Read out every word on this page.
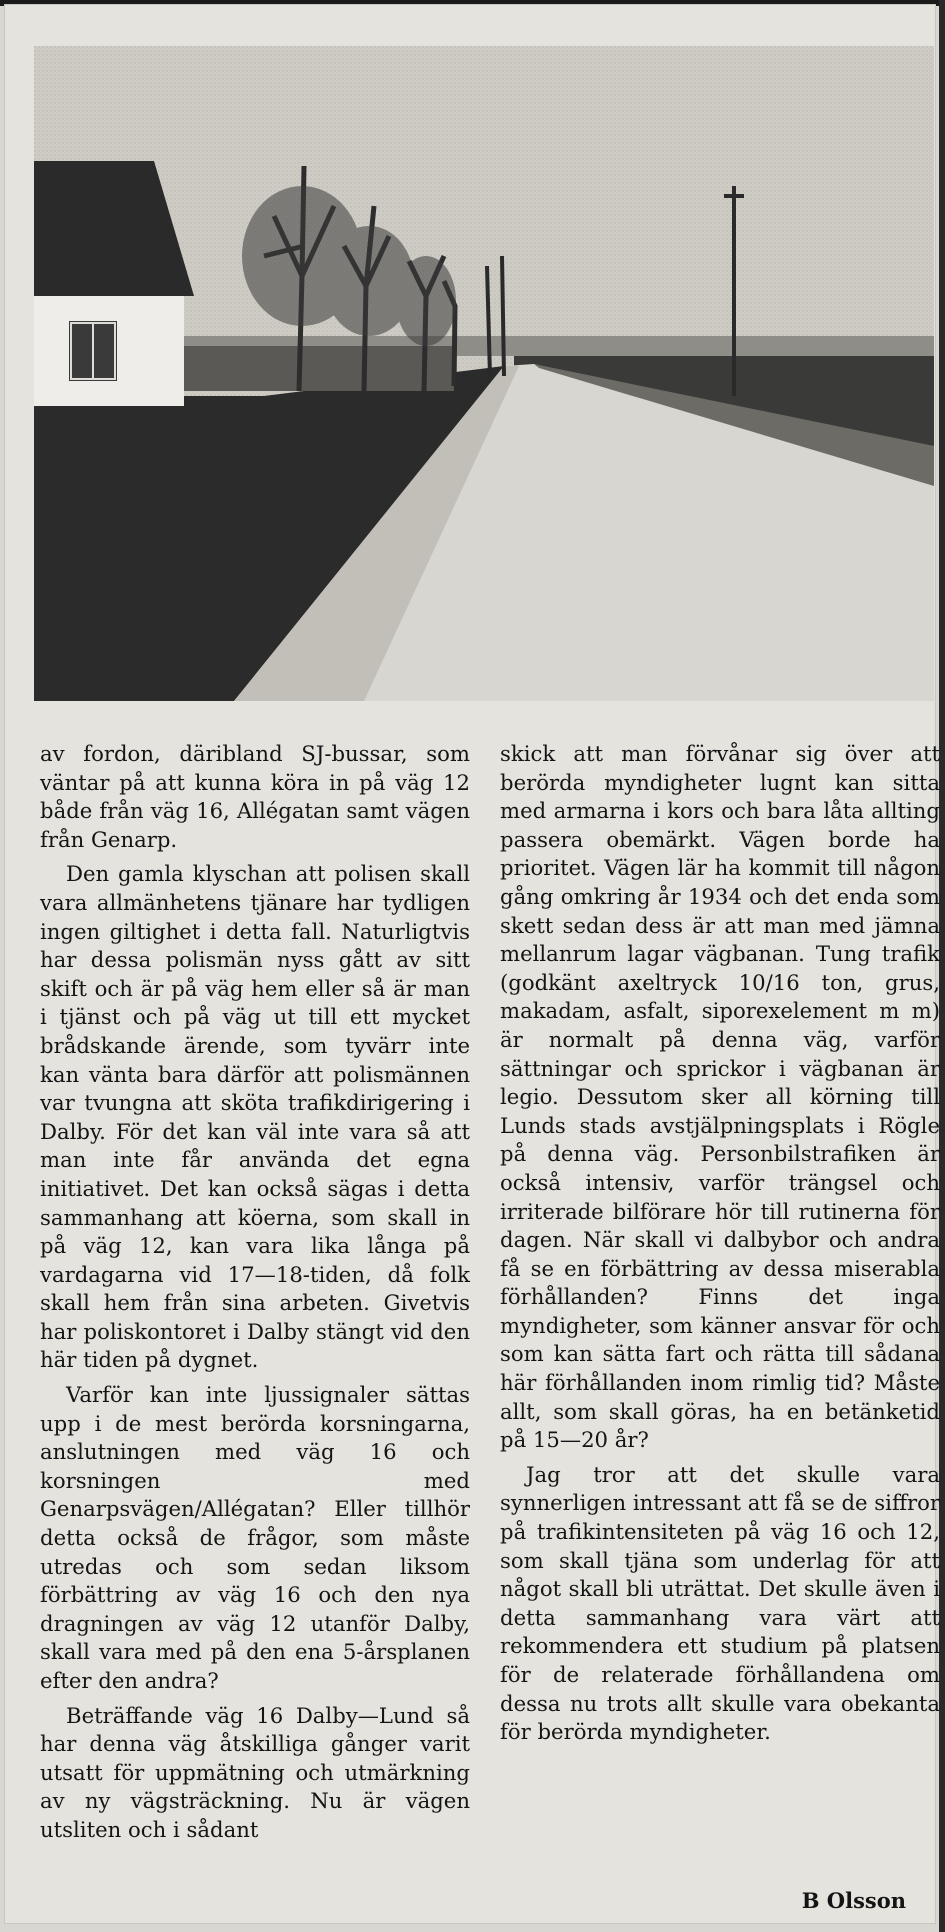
av fordon, däribland SJ-bussar, som väntar på att kunna köra in på väg 12 både från väg 16, Allégatan samt vägen från Genarp.

Den gamla klyschan att polisen skall vara allmänhetens tjänare har tydligen ingen giltighet i detta fall. Naturligtvis har dessa polismän nyss gått av sitt skift och är på väg hem eller så är man i tjänst och på väg ut till ett mycket brådskande ärende, som tyvärr inte kan vänta bara därför att polismännen var tvungna att sköta trafikdirigering i Dalby. För det kan väl inte vara så att man inte får använda det egna initiativet. Det kan också sägas i detta sammanhang att köerna, som skall in på väg 12, kan vara lika långa på vardagarna vid 17—18-tiden, då folk skall hem från sina arbeten. Givetvis har poliskontoret i Dalby stängt vid den här tiden på dygnet.

Varför kan inte ljussignaler sättas upp i de mest berörda korsningarna, anslutningen med väg 16 och korsningen med Genarpsvägen/Allégatan? Eller tillhör detta också de frågor, som måste utredas och som sedan liksom förbättring av väg 16 och den nya dragningen av väg 12 utanför Dalby, skall vara med på den ena 5-årsplanen efter den andra?

Beträffande väg 16 Dalby—Lund så har denna väg åtskilliga gånger varit utsatt för uppmätning och utmärkning av ny vägsträckning. Nu är vägen utsliten och i sådant

skick att man förvånar sig över att berörda myndigheter lugnt kan sitta med armarna i kors och bara låta allting passera obemärkt. Vägen borde ha prioritet. Vägen lär ha kommit till någon gång omkring år 1934 och det enda som skett sedan dess är att man med jämna mellanrum lagar vägbanan. Tung trafik (godkänt axeltryck 10/16 ton, grus, makadam, asfalt, siporexelement m m) är normalt på denna väg, varför sättningar och sprickor i vägbanan är legio. Dessutom sker all körning till Lunds stads avstjälpningsplats i Rögle på denna väg. Personbilstrafiken är också intensiv, varför trängsel och irriterade bilförare hör till rutinerna för dagen. När skall vi dalbybor och andra få se en förbättring av dessa miserabla förhållanden? Finns det inga myndigheter, som känner ansvar för och som kan sätta fart och rätta till sådana här förhållanden inom rimlig tid? Måste allt, som skall göras, ha en betänketid på 15—20 år?

Jag tror att det skulle vara synnerligen intressant att få se de siffror på trafikintensiteten på väg 16 och 12, som skall tjäna som underlag för att något skall bli uträttat. Det skulle även i detta sammanhang vara värt att rekommendera ett studium på platsen för de relaterade förhållandena om dessa nu trots allt skulle vara obekanta för berörda myndigheter.

B Olsson
